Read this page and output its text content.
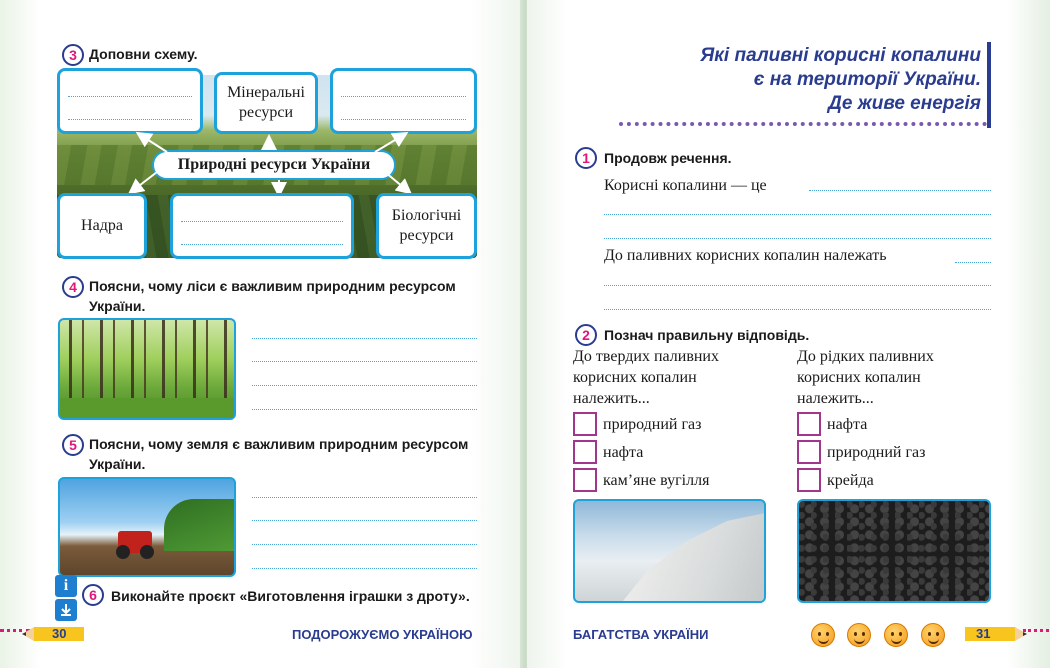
3 Доповни схему.
Мінеральні ресурси
Природні ресурси України
Надра
Біологічні ресурси
4 Поясни, чому ліси є важливим природним ресурсом України.
5 Поясни, чому земля є важливим природним ресурсом України.
i
6	Виконайте проєкт «Виготовлення іграшки з дроту».
30	ПОДОРОЖУЄМО УКРАЇНОЮ
Які паливні корисні копалини
є на території України.
Де живе енергія
1	Продовж речення.
Корисні копалини — це
До паливних корисних копалин належать
2	Познач правильну відповідь.
До твердих паливних
корисних копалин
належить...
До рідких паливних
корисних копалин
належить...
природний газ
нафта
кам’яне вугілля
нафта
природний газ
крейда
БАГАТСТВА УКРАЇНИ	31
